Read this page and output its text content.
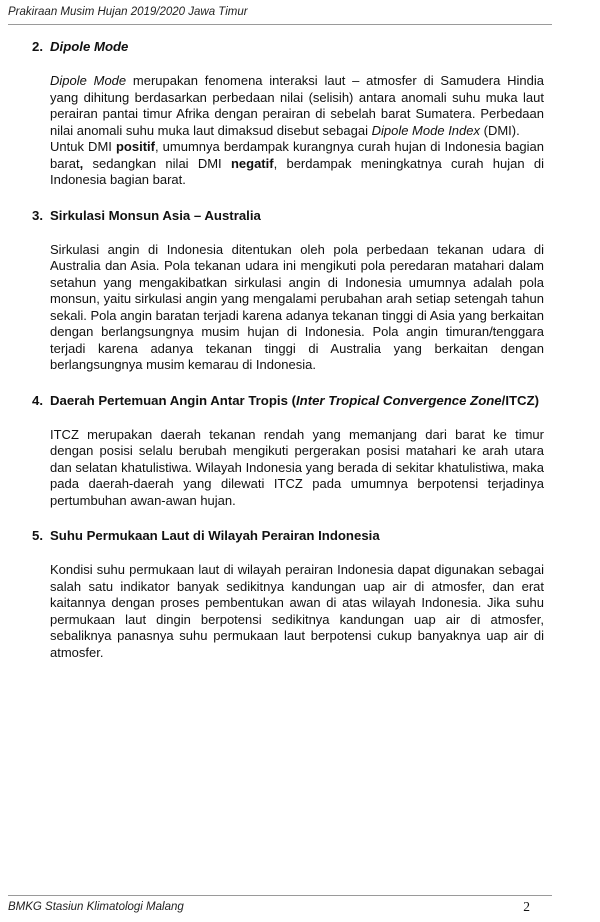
Prakiraan Musim Hujan 2019/2020 Jawa Timur
2. Dipole Mode

Dipole Mode merupakan fenomena interaksi laut – atmosfer di Samudera Hindia yang dihitung berdasarkan perbedaan nilai (selisih) antara anomali suhu muka laut perairan pantai timur Afrika dengan perairan di sebelah barat Sumatera. Perbedaan nilai anomali suhu muka laut dimaksud disebut sebagai Dipole Mode Index (DMI).

Untuk DMI positif, umumnya berdampak kurangnya curah hujan di Indonesia bagian barat, sedangkan nilai DMI negatif, berdampak meningkatnya curah hujan di Indonesia bagian barat.

3. Sirkulasi Monsun Asia – Australia

Sirkulasi angin di Indonesia ditentukan oleh pola perbedaan tekanan udara di Australia dan Asia. Pola tekanan udara ini mengikuti pola peredaran matahari dalam setahun yang mengakibatkan sirkulasi angin di Indonesia umumnya adalah pola monsun, yaitu sirkulasi angin yang mengalami perubahan arah setiap setengah tahun sekali. Pola angin baratan terjadi karena adanya tekanan tinggi di Asia yang berkaitan dengan berlangsungnya musim hujan di Indonesia. Pola angin timuran/tenggara terjadi karena adanya tekanan tinggi di Australia yang berkaitan dengan berlangsungnya musim kemarau di Indonesia.

4. Daerah Pertemuan Angin Antar Tropis (Inter Tropical Convergence Zone/ITCZ)

ITCZ merupakan daerah tekanan rendah yang memanjang dari barat ke timur dengan posisi selalu berubah mengikuti pergerakan posisi matahari ke arah utara dan selatan khatulistiwa. Wilayah Indonesia yang berada di sekitar khatulistiwa, maka pada daerah-daerah yang dilewati ITCZ pada umumnya berpotensi terjadinya pertumbuhan awan-awan hujan.

5. Suhu Permukaan Laut di Wilayah Perairan Indonesia

Kondisi suhu permukaan laut di wilayah perairan Indonesia dapat digunakan sebagai salah satu indikator banyak sedikitnya kandungan uap air di atmosfer, dan erat kaitannya dengan proses pembentukan awan di atas wilayah Indonesia. Jika suhu permukaan laut dingin berpotensi sedikitnya kandungan uap air di atmosfer, sebaliknya panasnya suhu permukaan laut berpotensi cukup banyaknya uap air di atmosfer.

BMKG Stasiun Klimatologi Malang	2
